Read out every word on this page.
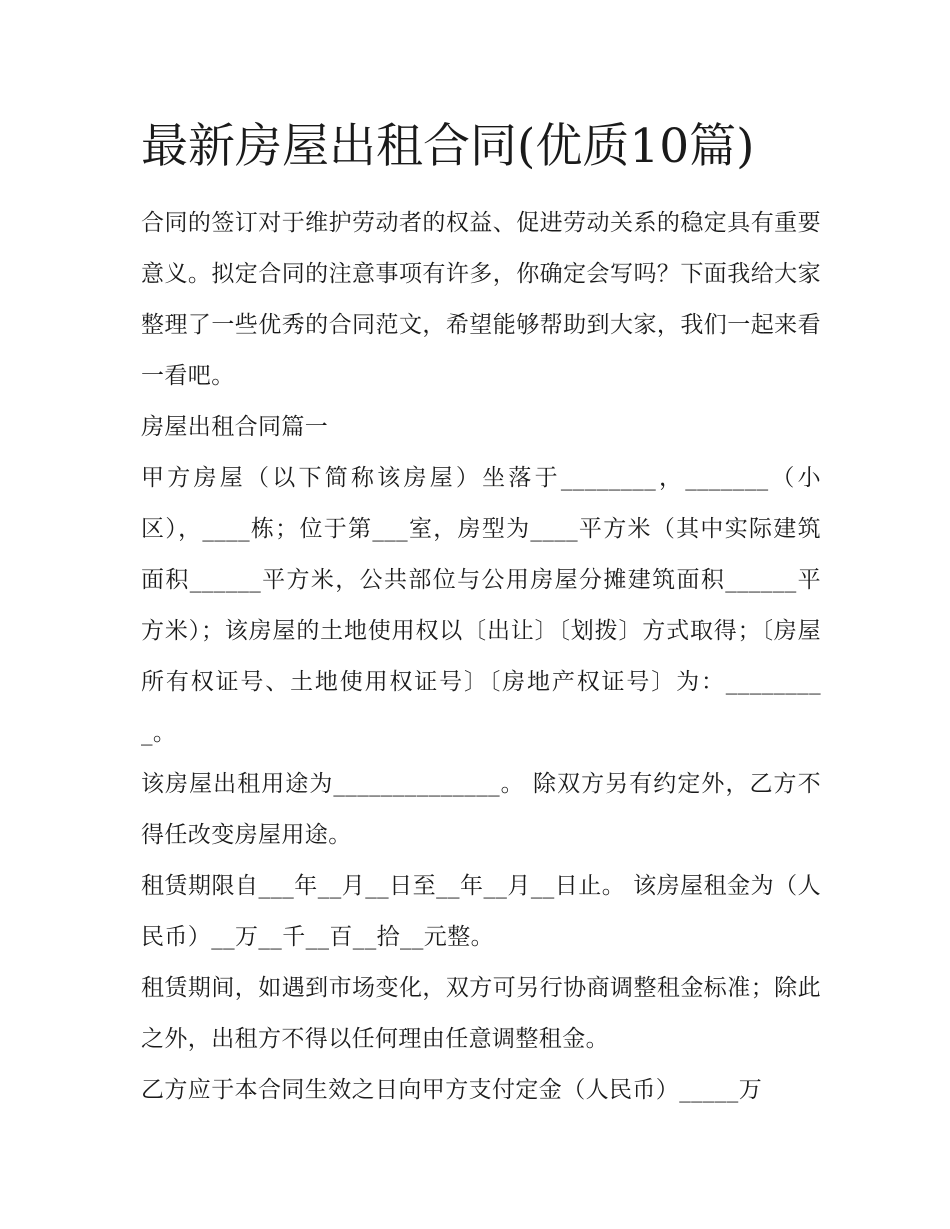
最新房屋出租合同(优质10篇)

合同的签订对于维护劳动者的权益、促进劳动关系的稳定具有重要意义。拟定合同的注意事项有许多，你确定会写吗？下面我给大家整理了一些优秀的合同范文，希望能够帮助到大家，我们一起来看一看吧。

房屋出租合同篇一

甲方房屋（以下简称该房屋）坐落于________，_______（小区），____栋；位于第___室，房型为____平方米（其中实际建筑面积______平方米，公共部位与公用房屋分摊建筑面积______平方米）；该房屋的土地使用权以〔出让〕〔划拨〕方式取得；〔房屋所有权证号、土地使用权证号〕〔房地产权证号〕为：_________。

该房屋出租用途为______________。 除双方另有约定外，乙方不得任改变房屋用途。

租赁期限自___年__月__日至__年__月__日止。 该房屋租金为（人民币）__万__千__百__拾__元整。

租赁期间，如遇到市场变化，双方可另行协商调整租金标准；除此之外，出租方不得以任何理由任意调整租金。

乙方应于本合同生效之日向甲方支付定金（人民币）_____万
